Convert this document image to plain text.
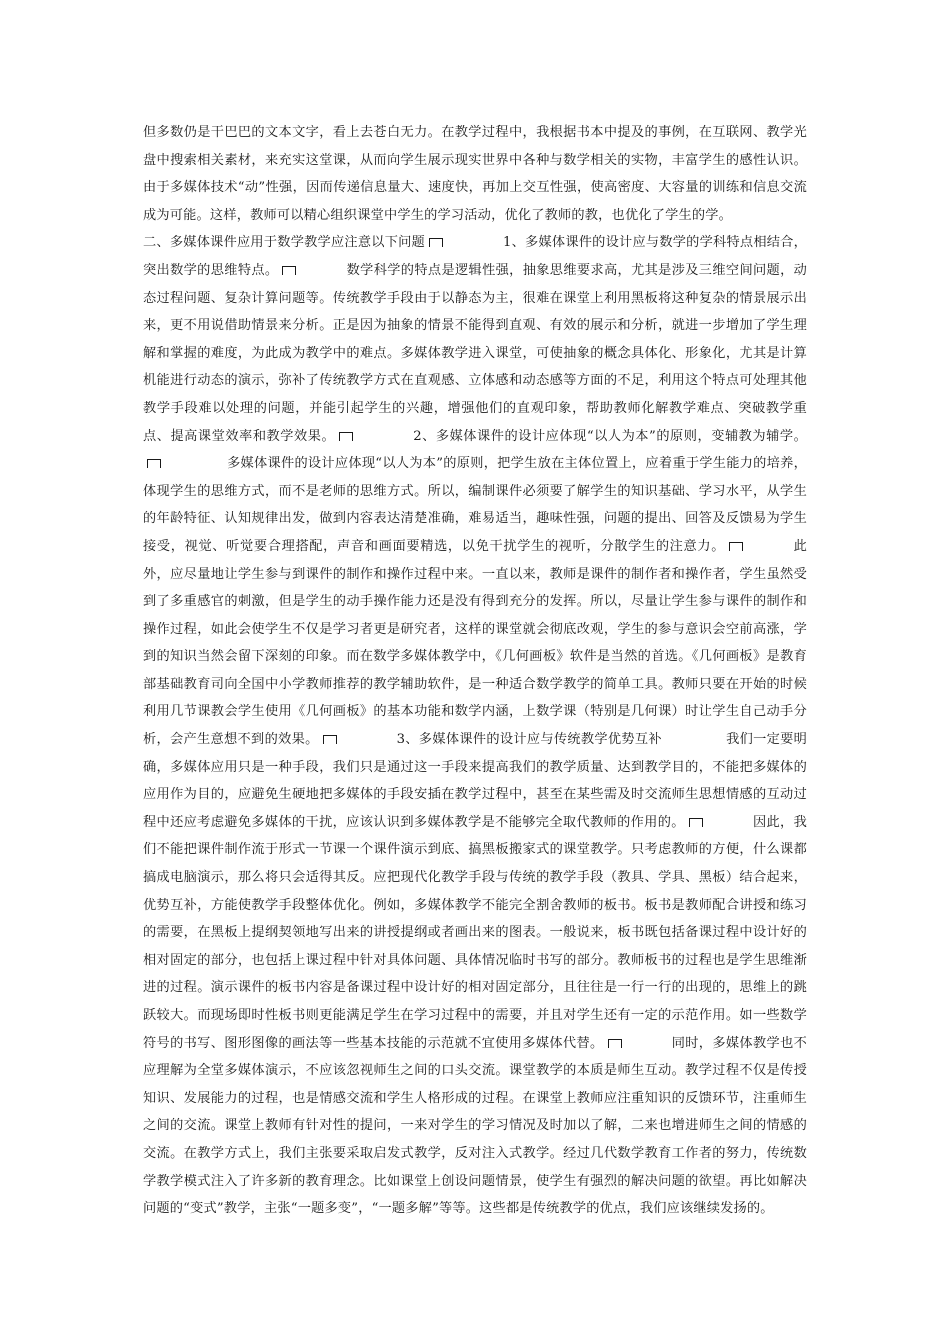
但多数仍是干巴巴的文本文字，看上去苍白无力。在教学过程中，我根据书本中提及的事例，在互联网、教学光盘中搜索相关素材，来充实这堂课，从而向学生展示现实世界中各种与数学相关的实物，丰富学生的感性认识。由于多媒体技术“动”性强，因而传递信息量大、速度快，再加上交互性强，使高密度、大容量的训练和信息交流成为可能。这样，教师可以精心组织课堂中学生的学习活动，优化了教师的教，也优化了学生的学。

二、多媒体课件应用于数学教学应注意以下问题	1、多媒体课件的设计应与数学的学科特点相结合，突出数学的思维特点。	数学科学的特点是逻辑性强，抽象思维要求高，尤其是涉及三维空间问题，动态过程问题、复杂计算问题等。传统教学手段由于以静态为主，很难在课堂上利用黑板将这种复杂的情景展示出来，更不用说借助情景来分析。正是因为抽象的情景不能得到直观、有效的展示和分析，就进一步增加了学生理解和掌握的难度，为此成为教学中的难点。多媒体教学进入课堂，可使抽象的概念具体化、形象化，尤其是计算机能进行动态的演示，弥补了传统教学方式在直观感、立体感和动态感等方面的不足，利用这个特点可处理其他教学手段难以处理的问题，并能引起学生的兴趣，增强他们的直观印象，帮助教师化解教学难点、突破教学重点、提高课堂效率和教学效果。	2、多媒体课件的设计应体现“以人为本”的原则，变辅教为辅学。多媒体课件的设计应体现“以人为本”的原则，把学生放在主体位置上，应着重于学生能力的培养，体现学生的思维方式，而不是老师的思维方式。所以，编制课件必须要了解学生的知识基础、学习水平，从学生的年龄特征、认知规律出发，做到内容表达清楚准确，难易适当，趣味性强，问题的提出、回答及反馈易为学生接受，视觉、听觉要合理搭配，声音和画面要精选，以免干扰学生的视听，分散学生的注意力。	此外，应尽量地让学生参与到课件的制作和操作过程中来。一直以来，教师是课件的制作者和操作者，学生虽然受到了多重感官的刺激，但是学生的动手操作能力还是没有得到充分的发挥。所以，尽量让学生参与课件的制作和操作过程，如此会使学生不仅是学习者更是研究者，这样的课堂就会彻底改观，学生的参与意识会空前高涨，学到的知识当然会留下深刻的印象。而在数学多媒体教学中，《几何画板》软件是当然的首选。《几何画板》是教育部基础教育司向全国中小学教师推荐的教学辅助软件，是一种适合数学教学的简单工具。教师只要在开始的时候利用几节课教会学生使用《几何画板》的基本功能和数学内涵，上数学课（特别是几何课）时让学生自己动手分析，会产生意想不到的效果。	3、多媒体课件的设计应与传统教学优势互补	我们一定要明确，多媒体应用只是一种手段，我们只是通过这一手段来提高我们的教学质量、达到教学目的，不能把多媒体的应用作为目的，应避免生硬地把多媒体的手段安插在教学过程中，甚至在某些需及时交流师生思想情感的互动过程中还应考虑避免多媒体的干扰，应该认识到多媒体教学是不能够完全取代教师的作用的。	因此，我们不能把课件制作流于形式一节课一个课件演示到底、搞黑板搬家式的课堂教学。只考虑教师的方便，什么课都搞成电脑演示，那么将只会适得其反。应把现代化教学手段与传统的教学手段（教具、学具、黑板）结合起来，优势互补，方能使教学手段整体优化。例如，多媒体教学不能完全割舍教师的板书。板书是教师配合讲授和练习的需要，在黑板上提纲契领地写出来的讲授提纲或者画出来的图表。一般说来，板书既包括备课过程中设计好的相对固定的部分，也包括上课过程中针对具体问题、具体情况临时书写的部分。教师板书的过程也是学生思维渐进的过程。演示课件的板书内容是备课过程中设计好的相对固定部分，且往往是一行一行的出现的，思维上的跳跃较大。而现场即时性板书则更能满足学生在学习过程中的需要，并且对学生还有一定的示范作用。如一些数学符号的书写、图形图像的画法等一些基本技能的示范就不宜使用多媒体代替。	同时，多媒体教学也不应理解为全堂多媒体演示，不应该忽视师生之间的口头交流。课堂教学的本质是师生互动。教学过程不仅是传授知识、发展能力的过程，也是情感交流和学生人格形成的过程。在课堂上教师应注重知识的反馈环节，注重师生之间的交流。课堂上教师有针对性的提问，一来对学生的学习情况及时加以了解，二来也增进师生之间的情感的交流。在教学方式上，我们主张要采取启发式教学，反对注入式教学。经过几代数学教育工作者的努力，传统数学教学模式注入了许多新的教育理念。比如课堂上创设问题情景，使学生有强烈的解决问题的欲望。再比如解决问题的“变式”教学，主张“一题多变”，“一题多解”等等。这些都是传统教学的优点，我们应该继续发扬的。
